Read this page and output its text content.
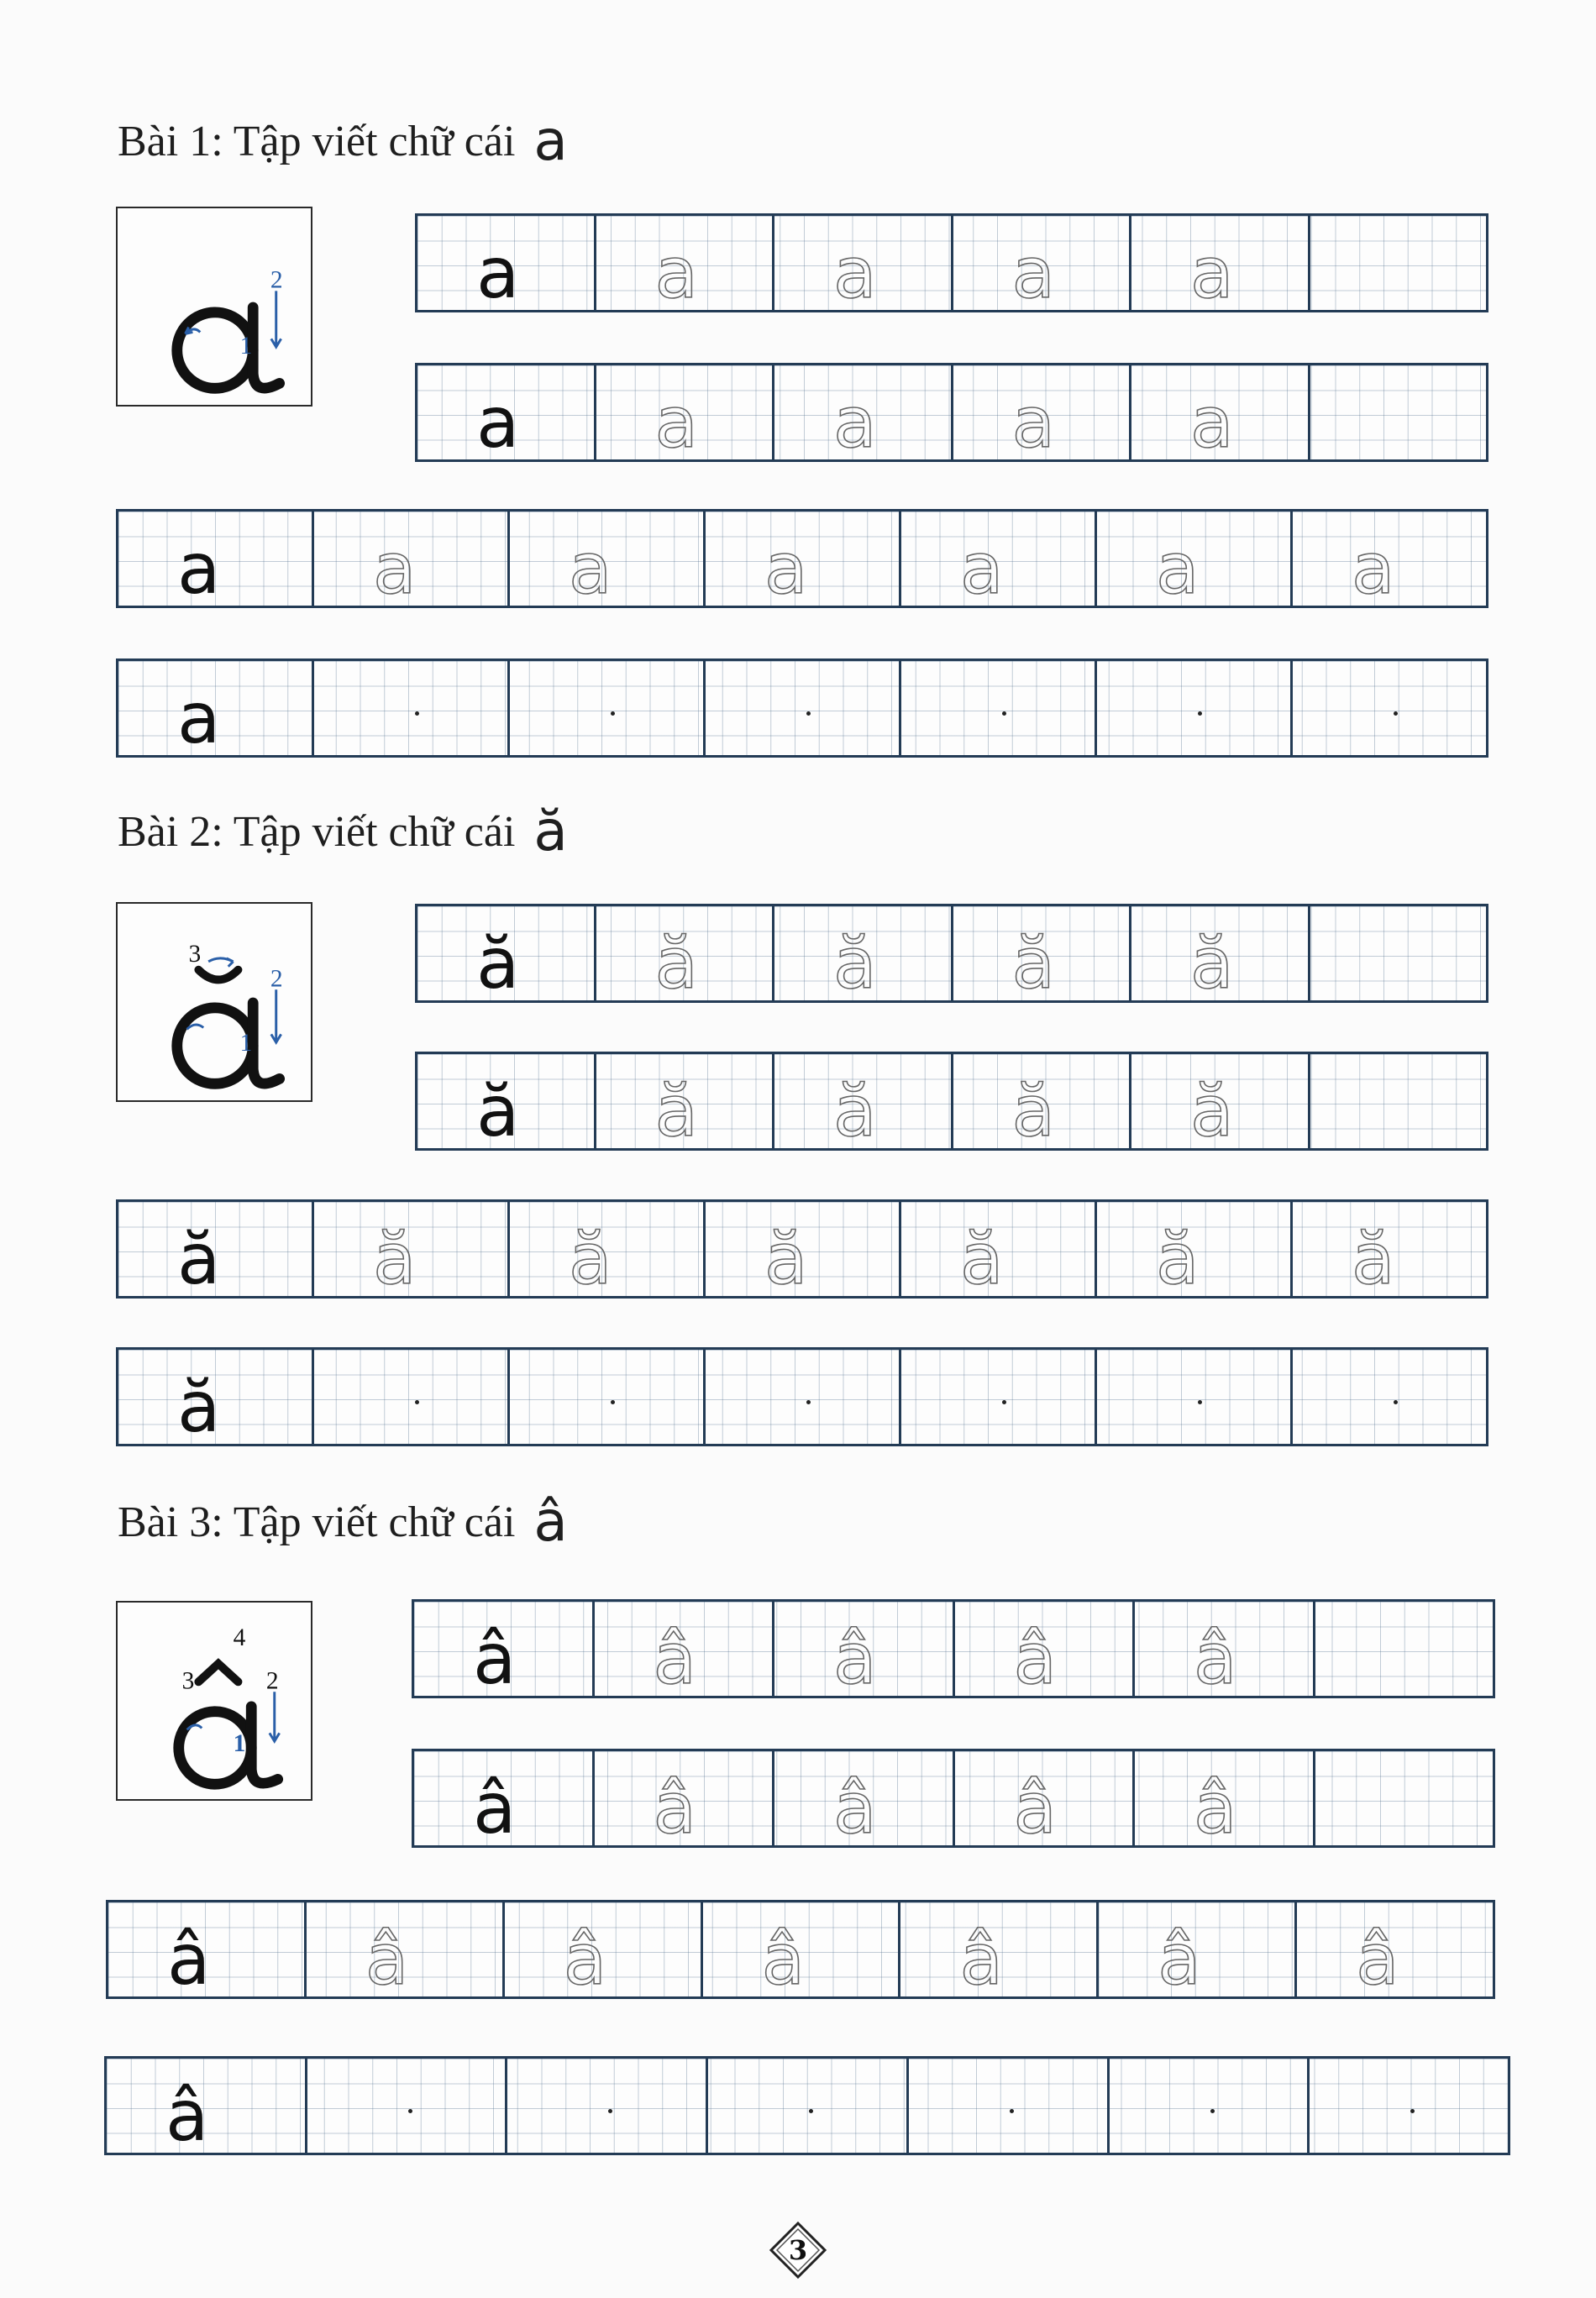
Bài 1: Tập viết chữ cái a
2
1
a a a a a
a a a a a
a a a a a a a
a
Bài 2: Tập viết chữ cái ă
3
2
1
ă ă ă ă ă
ă ă ă ă ă
ă ă ă ă ă ă ă
ă
Bài 3: Tập viết chữ cái â
4
3	2
1
â â â â â
â â â â â
â â â â â â â
â
3
